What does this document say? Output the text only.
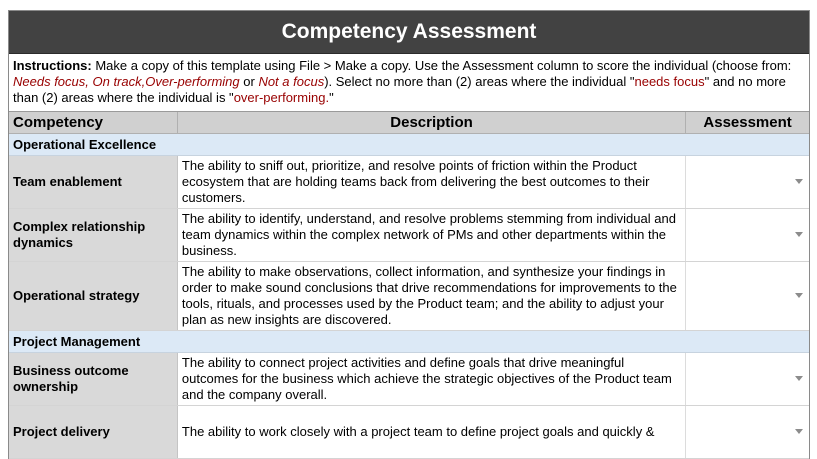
Competency Assessment
Instructions: Make a copy of this template using File > Make a copy. Use the Assessment column to score the individual (choose from: Needs focus, On track,Over-performing or Not a focus). Select no more than (2) areas where the individual "needs focus" and no more than (2) areas where the individual is "over-performing."
Competency	Description	Assessment
Operational Excellence		
Team enablement	The ability to sniff out, prioritize, and resolve points of friction within the Product ecosystem that are holding teams back from delivering the best outcomes to their customers.	

Complex relationship dynamics	The ability to identify, understand, and resolve problems stemming from individual and team dynamics within the complex network of PMs and other departments within the business.	

Operational strategy	The ability to make observations, collect information, and synthesize your findings in order to make sound conclusions that drive recommendations for improvements to the tools, rituals, and processes used by the Product team; and the ability to adjust your plan as new insights are discovered.	

Project Management		
Business outcome ownership	The ability to connect project activities and define goals that drive meaningful outcomes for the business which achieve the strategic objectives of the Product team and the company overall.	

Project delivery	The ability to work closely with a project team to define project goals and quickly &	
